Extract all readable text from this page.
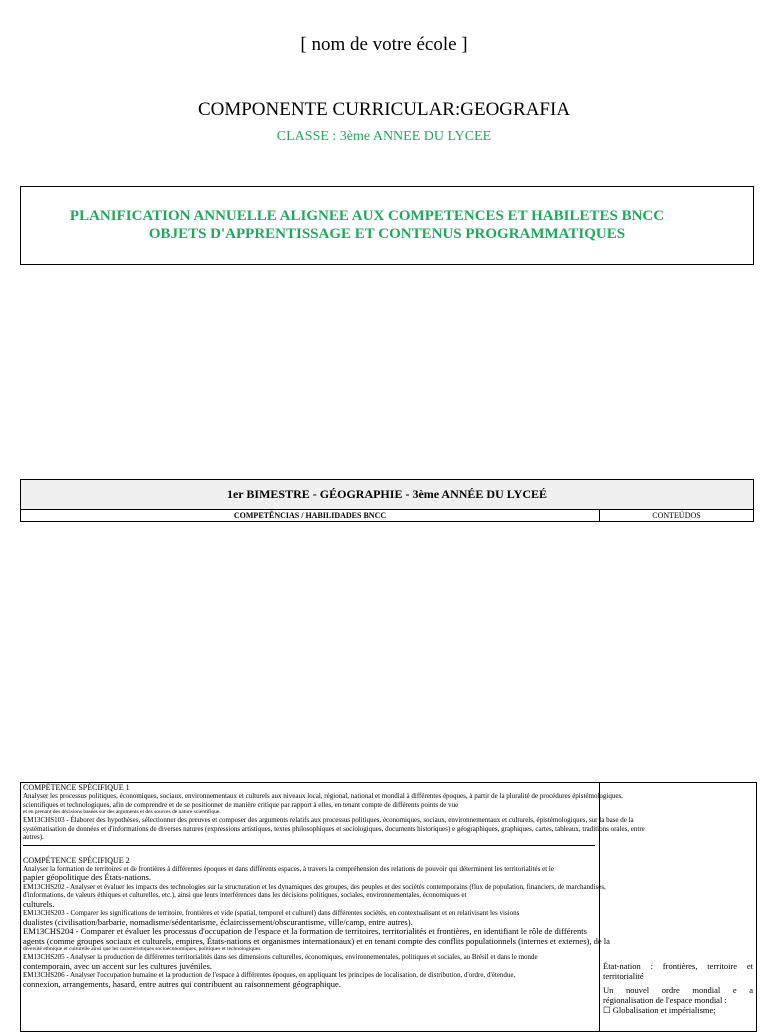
[ nom de votre école ]
COMPONENTE CURRICULAR:GEOGRAFIA
CLASSE : 3ème ANNEE DU LYCEE
PLANIFICATION ANNUELLE ALIGNEE AUX COMPETENCES ET HABILETES BNCC
OBJETS D'APPRENTISSAGE ET CONTENUS PROGRAMMATIQUES
1er BIMESTRE - GÉOGRAPHIE - 3ème ANNÉE DU LYCEÉ
COMPETÊNCIAS / HABILIDADES BNCC	CONTEÚDOS

COMPÉTENCE SPÉCIFIQUE 1

Analyser les processus politiques, économiques, sociaux, environnementaux et culturels aux niveaux local, régional, national et mondial à différentes époques, à partir de la pluralité de procédures épistémologiques, scientifiques et technologiques, afin de comprendre et de se positionner de manière critique par rapport à elles, en tenant compte de différents points de vue

et en prenant des décisions basées sur des arguments et des sources de nature scientifique.

EM13CHS103 - Élaborer des hypothèses, sélectionner des preuves et composer des arguments relatifs aux processus politiques, économiques, sociaux, environnementaux et culturels, épistémologiques, sur la base de la systématisation de données et d'informations de diverses natures (expressions artistiques, textes philosophiques et sociologiques, documents historiques) e géographiques, graphiques, cartes, tableaux, traditions orales, entre autres).

COMPÉTENCE SPÉCIFIQUE 2

Analyser la formation de territoires et de frontières à différentes époques et dans différents espaces, à travers la compréhension des relations de pouvoir qui déterminent les territorialités et le

papier géopolitique des États-nations.

EM13CHS202 - Analyser et évaluer les impacts des technologies sur la structuration et les dynamiques des groupes, des peuples et des sociétés contemporains (flux de population, financiers, de marchandises, d'informations, de valeurs éthiques et culturelles, etc.), ainsi que leurs interférences dans les décisions politiques, sociales, environnementales, économiques et

culturels.

EM13CHS203 - Comparer les significations de territoire, frontières et vide (spatial, temporel et culturel) dans différentes sociétés, en contextualisant et en relativisant les visions

dualistes (civilisation/barbarie, nomadisme/sédentarisme, éclaircissement/obscurantisme, ville/camp, entre autres).

EM13CHS204 - Comparer et évaluer les processus d'occupation de l'espace et la formation de territoires, territorialités et frontières, en identifiant le rôle de différents

agents (comme groupes sociaux et culturels, empires, États-nations et organismes internationaux) et en tenant compte des conflits populationnels (internes et externes), de la

diversité ethnique et culturelle ainsi que les caractéristiques socioéconomiques, politiques et technologiques.

EM13CHS205 - Analyser la production de différentes territorialités dans ses dimensions culturelles, économiques, environnementales, politiques et sociales, au Brésil et dans le monde

contemporain, avec un accent sur les cultures juvéniles.

EM13CHS206 - Analyser l'occupation humaine et la production de l'espace à différentes époques, en appliquant les principes de localisation, de distribution, d'ordre, d'étendue,

connexion, arrangements, hasard, entre autres qui contribuent au raisonnement géographique.

État-nation : frontières, territoire et territorialité

Un nouvel ordre mondial e a régionalisation de l'espace mondial :

☐ Globalisation et impérialisme;
